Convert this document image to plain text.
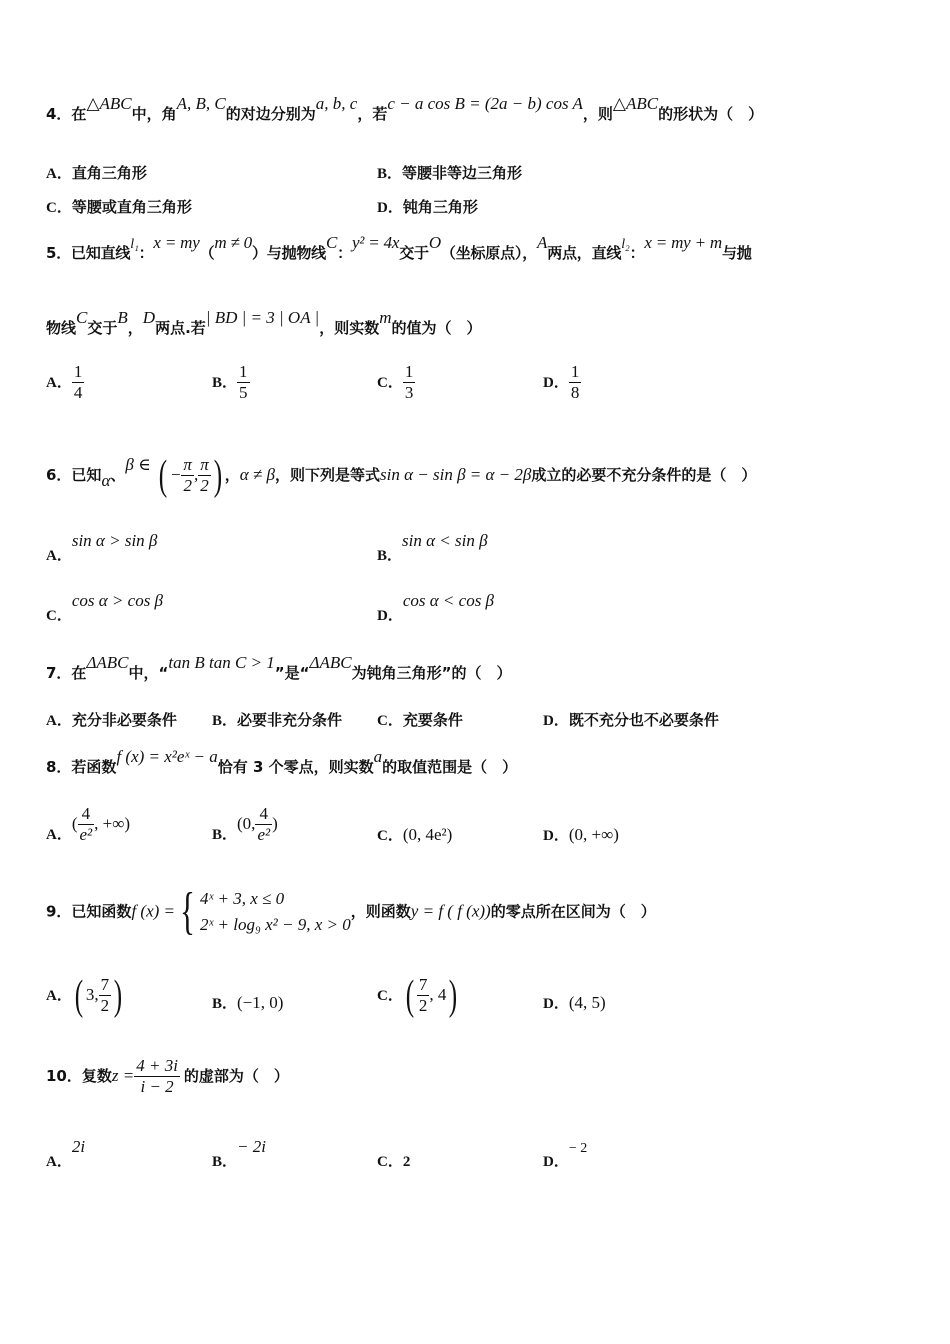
4．在△ABC中，角A, B, C的对边分别为a, b, c，若c − a cos B = (2a − b) cos A，则△ABC的形状为（　）
A．直角三角形	B．等腰非等边三角形
C．等腰或直角三角形	D．钝角三角形
5．已知直线l₁：x = my（m ≠ 0）与抛物线C：y² = 4x交于O（坐标原点），A两点，直线l₂：x = my + m与抛
物线C交于B，D两点.若| BD | = 3 | OA |，则实数m的值为（　）
A． $\frac{1}{4}$	B． $\frac{1}{5}$	C． $\frac{1}{3}$	D． $\frac{1}{8}$
6．已知α、β ∈ ( − $\frac{\pi}{2}$ , $\frac{\pi}{2}$ ) ，α ≠ β，则下列是等式sin α − sin β = α − 2β成立的必要不充分条件的是（　）
A．sin α > sin β
B．sin α < sin β
C．cos α > cos β
D．cos α < cos β
7．在ΔABC中，“tan B tan C > 1”是“ΔABC为钝角三角形”的（　）
A．充分非必要条件 B．必要非充分条件 C．充要条件	D．既不充分也不必要条件
8．若函数f (x) = x²eˣ − a恰有 3 个零点，则实数a的取值范围是（　）
A．( $\frac{4}{\text{e²}}$ , +∞)
B．(0, $\frac{4}{\text{e²}}$ )
C．(0, 4e²)	D．(0, +∞)
9．已知函数f (x) ={ 4ˣ + 3, x ≤ 0
2ˣ + log₉ x² − 9, x > 0
，则函数y = f ( f (x))的零点所在区间为（　）
A．( 3, $\frac{7}{2}$ )	B．(−1, 0)	C．( $\frac{7}{2}$ , 4)	D．(4, 5)
10．复数$z = \frac{4 + 3i}{i - 2}$ 的虚部为（　）
A．2i
B．− 2i
C．2	D．− 2
